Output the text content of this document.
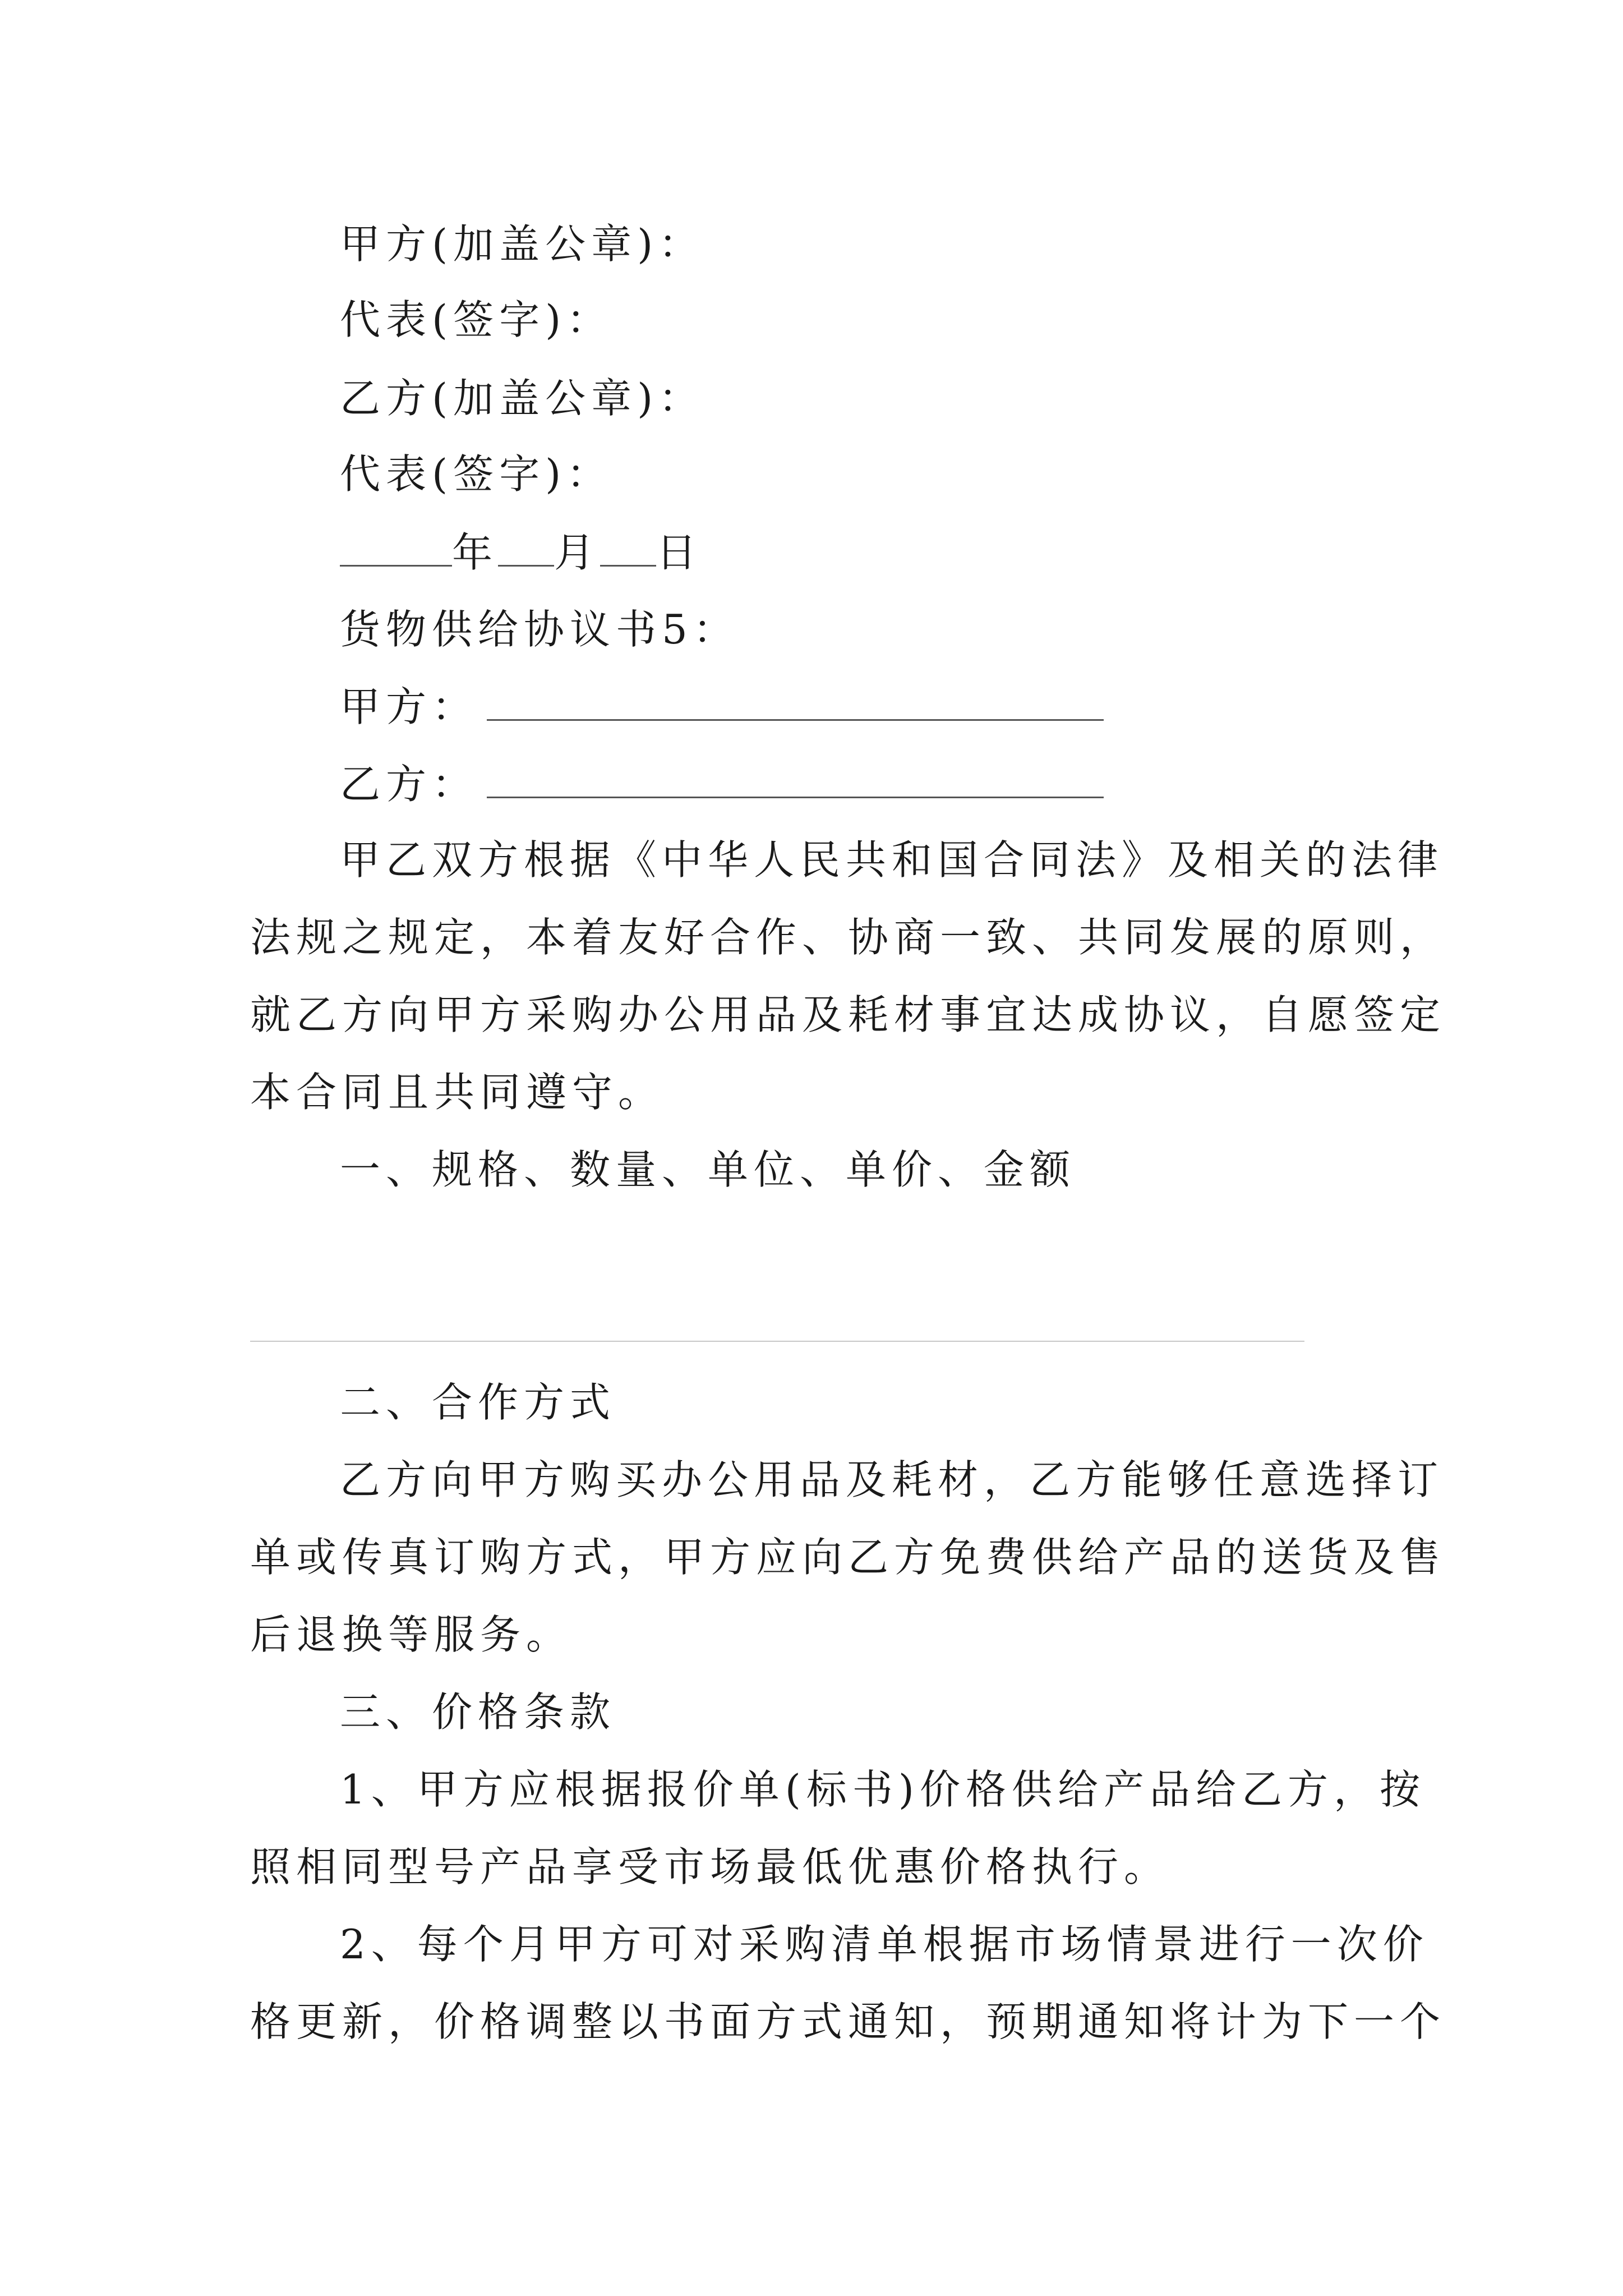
甲方(加盖公章)：
代表(签字)：
乙方(加盖公章)：
代表(签字)：
年 月 日
货物供给协议书5：
甲方：
乙方：
甲乙双方根据《中华人民共和国合同法》及相关的法律
法规之规定，本着友好合作、协商一致、共同发展的原则，
就乙方向甲方采购办公用品及耗材事宜达成协议，自愿签定
本合同且共同遵守。
一、规格、数量、单位、单价、金额
二、合作方式
乙方向甲方购买办公用品及耗材，乙方能够任意选择订
单或传真订购方式，甲方应向乙方免费供给产品的送货及售
后退换等服务。
三、价格条款
1、甲方应根据报价单(标书)价格供给产品给乙方，按
照相同型号产品享受市场最低优惠价格执行。
2、每个月甲方可对采购清单根据市场情景进行一次价
格更新，价格调整以书面方式通知，预期通知将计为下一个
